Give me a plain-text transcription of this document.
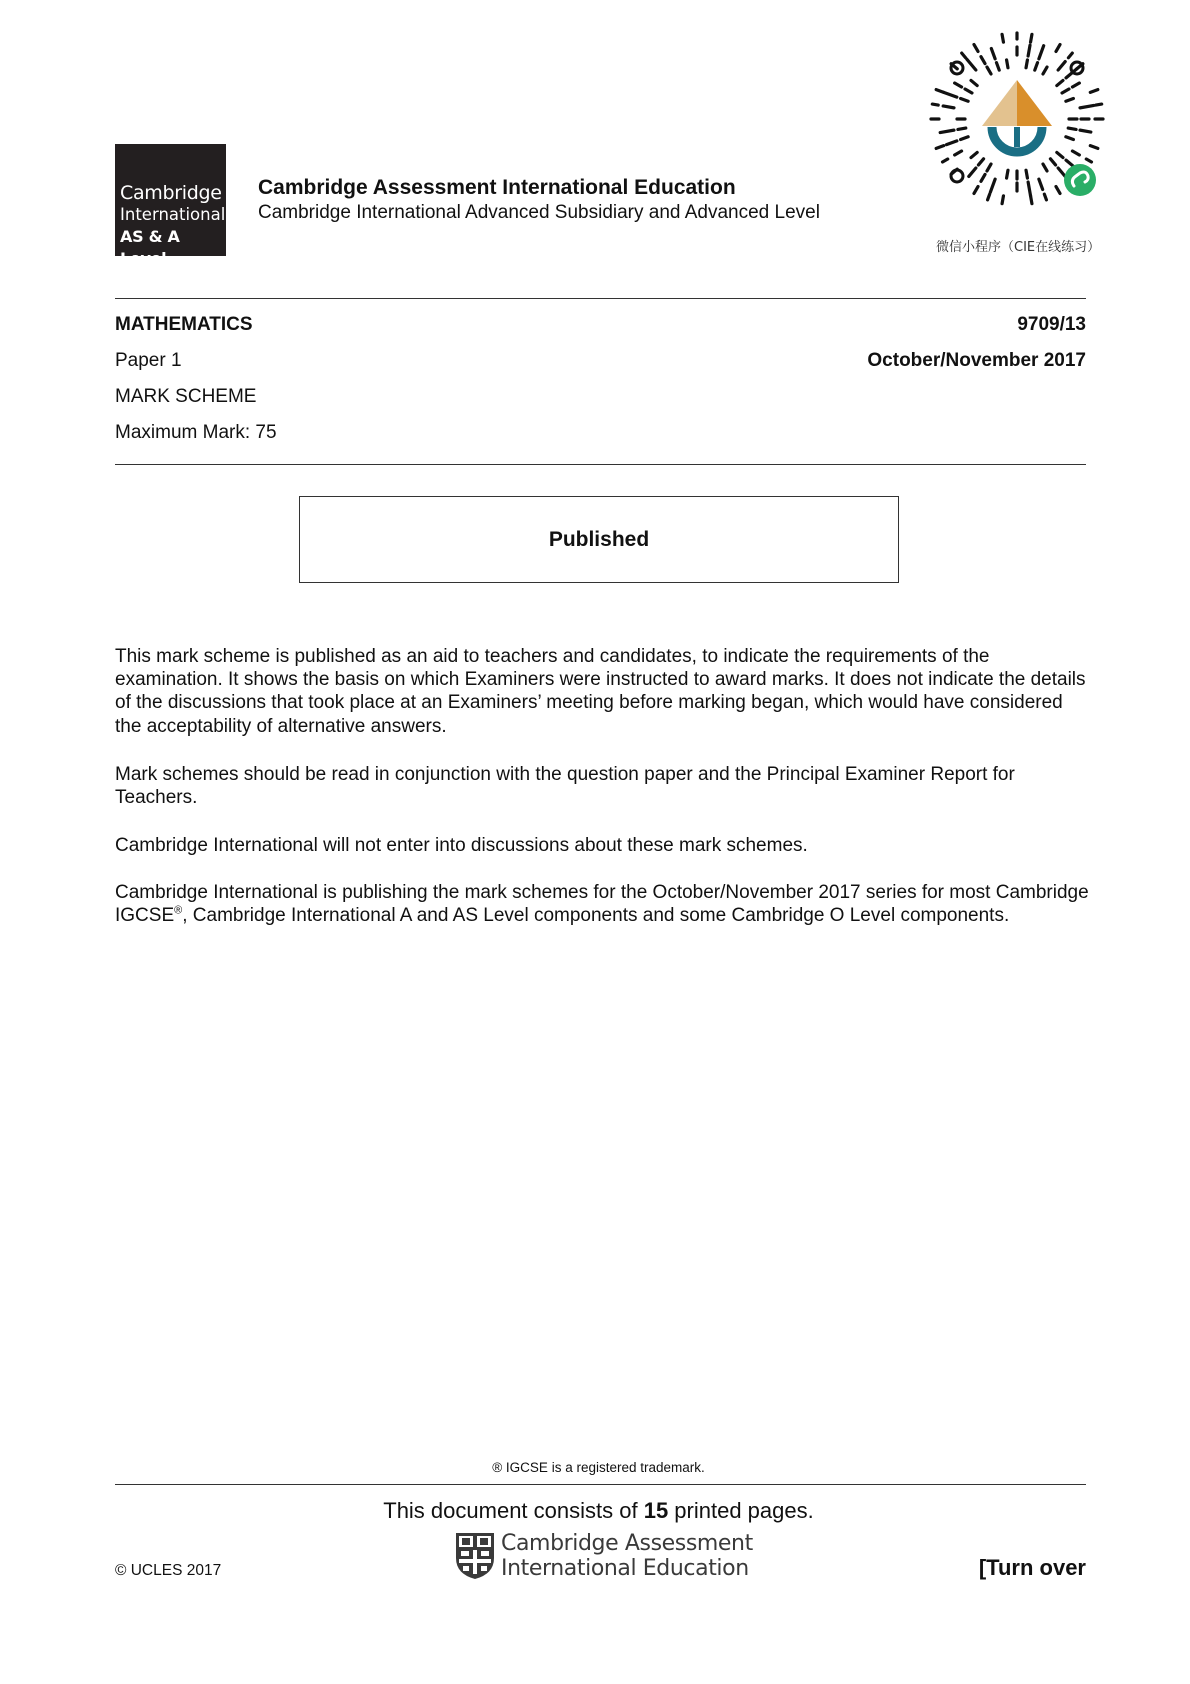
Cambridge
International
AS & A Level
Cambridge Assessment International Education
Cambridge International Advanced Subsidiary and Advanced Level
微信小程序（CIE在线练习）
MATHEMATICS	9709/13
Paper 1	October/November 2017
MARK SCHEME
Maximum Mark: 75
Published

This mark scheme is published as an aid to teachers and candidates, to indicate the requirements of the examination. It shows the basis on which Examiners were instructed to award marks. It does not indicate the details of the discussions that took place at an Examiners’ meeting before marking began, which would have considered the acceptability of alternative answers.

Mark schemes should be read in conjunction with the question paper and the Principal Examiner Report for Teachers.

Cambridge International will not enter into discussions about these mark schemes.

Cambridge International is publishing the mark schemes for the October/November 2017 series for most Cambridge IGCSE®, Cambridge International A and AS Level components and some Cambridge O Level components.

® IGCSE is a registered trademark.
This document consists of 15 printed pages.
Cambridge Assessment
International Education
© UCLES 2017	[Turn over
